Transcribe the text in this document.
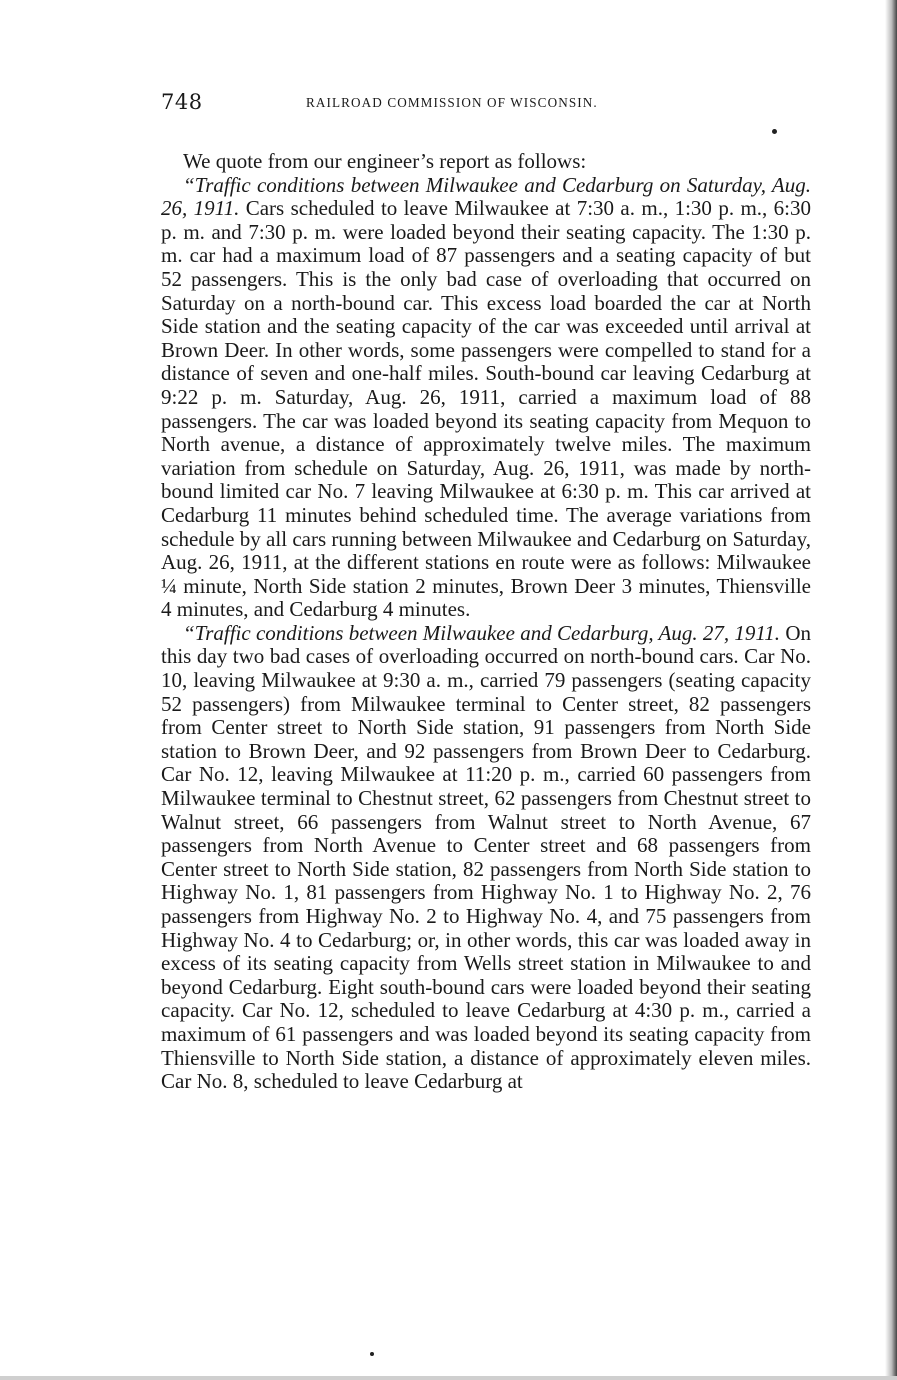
748	RAILROAD COMMISSION OF WISCONSIN.

We quote from our engineer’s report as follows:

“Traffic conditions between Milwaukee and Cedarburg on Saturday, Aug. 26, 1911. Cars scheduled to leave Milwaukee at 7:30 a. m., 1:30 p. m., 6:30 p. m. and 7:30 p. m. were loaded beyond their seating capacity. The 1:30 p. m. car had a maximum load of 87 passengers and a seating capacity of but 52 passengers. This is the only bad case of overloading that occurred on Saturday on a north-bound car. This excess load boarded the car at North Side station and the seating capacity of the car was exceeded until arrival at Brown Deer. In other words, some passengers were compelled to stand for a distance of seven and one-half miles. South-bound car leaving Cedarburg at 9:22 p. m. Saturday, Aug. 26, 1911, carried a maximum load of 88 passengers. The car was loaded beyond its seating capacity from Mequon to North avenue, a distance of approximately twelve miles. The maximum variation from schedule on Saturday, Aug. 26, 1911, was made by north-bound limited car No. 7 leaving Milwaukee at 6:30 p. m. This car arrived at Cedarburg 11 minutes behind scheduled time. The average variations from schedule by all cars running between Milwaukee and Cedarburg on Saturday, Aug. 26, 1911, at the different stations en route were as follows: Milwaukee ¼ minute, North Side station 2 minutes, Brown Deer 3 minutes, Thiensville 4 minutes, and Cedarburg 4 minutes.

“Traffic conditions between Milwaukee and Cedarburg, Aug. 27, 1911. On this day two bad cases of overloading occurred on north-bound cars. Car No. 10, leaving Milwaukee at 9:30 a. m., carried 79 passengers (seating capacity 52 passengers) from Milwaukee terminal to Center street, 82 passengers from Center street to North Side station, 91 passengers from North Side station to Brown Deer, and 92 passengers from Brown Deer to Cedarburg. Car No. 12, leaving Milwaukee at 11:20 p. m., carried 60 passengers from Milwaukee terminal to Chestnut street, 62 passengers from Chestnut street to Walnut street, 66 passengers from Walnut street to North Avenue, 67 passengers from North Avenue to Center street and 68 passengers from Center street to North Side station, 82 passengers from North Side station to Highway No. 1, 81 passengers from Highway No. 1 to Highway No. 2, 76 passengers from Highway No. 2 to Highway No. 4, and 75 passengers from Highway No. 4 to Cedarburg; or, in other words, this car was loaded away in excess of its seating capacity from Wells street station in Milwaukee to and beyond Cedarburg. Eight south-bound cars were loaded beyond their seating capacity. Car No. 12, scheduled to leave Cedarburg at 4:30 p. m., carried a maximum of 61 passengers and was loaded beyond its seating capacity from Thiensville to North Side station, a distance of approximately eleven miles. Car No. 8, scheduled to leave Cedarburg at
